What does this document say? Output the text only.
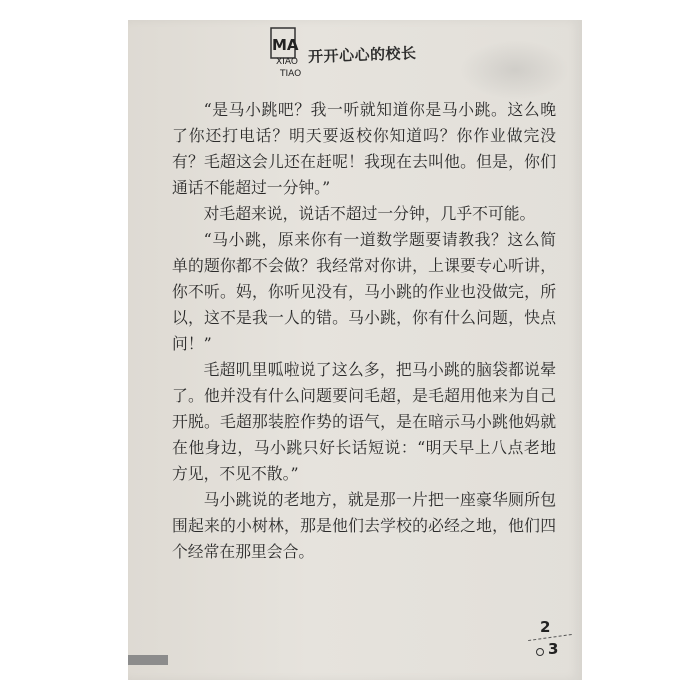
MA
XIAO
TIAO
开开心心的校长

“是马小跳吧？我一听就知道你是马小跳。这么晚了你还打电话？明天要返校你知道吗？你作业做完没有？毛超这会儿还在赶呢！我现在去叫他。但是，你们通话不能超过一分钟。”

对毛超来说，说话不超过一分钟，几乎不可能。

“马小跳，原来你有一道数学题要请教我？这么简单的题你都不会做？我经常对你讲，上课要专心听讲，你不听。妈，你听见没有，马小跳的作业也没做完，所以，这不是我一人的错。马小跳，你有什么问题，快点问！”

毛超叽里呱啦说了这么多，把马小跳的脑袋都说晕了。他并没有什么问题要问毛超，是毛超用他来为自己开脱。毛超那装腔作势的语气，是在暗示马小跳他妈就在他身边，马小跳只好长话短说：“明天早上八点老地方见，不见不散。”

马小跳说的老地方，就是那一片把一座豪华厕所包围起来的小树林，那是他们去学校的必经之地，他们四个经常在那里会合。

2
3
